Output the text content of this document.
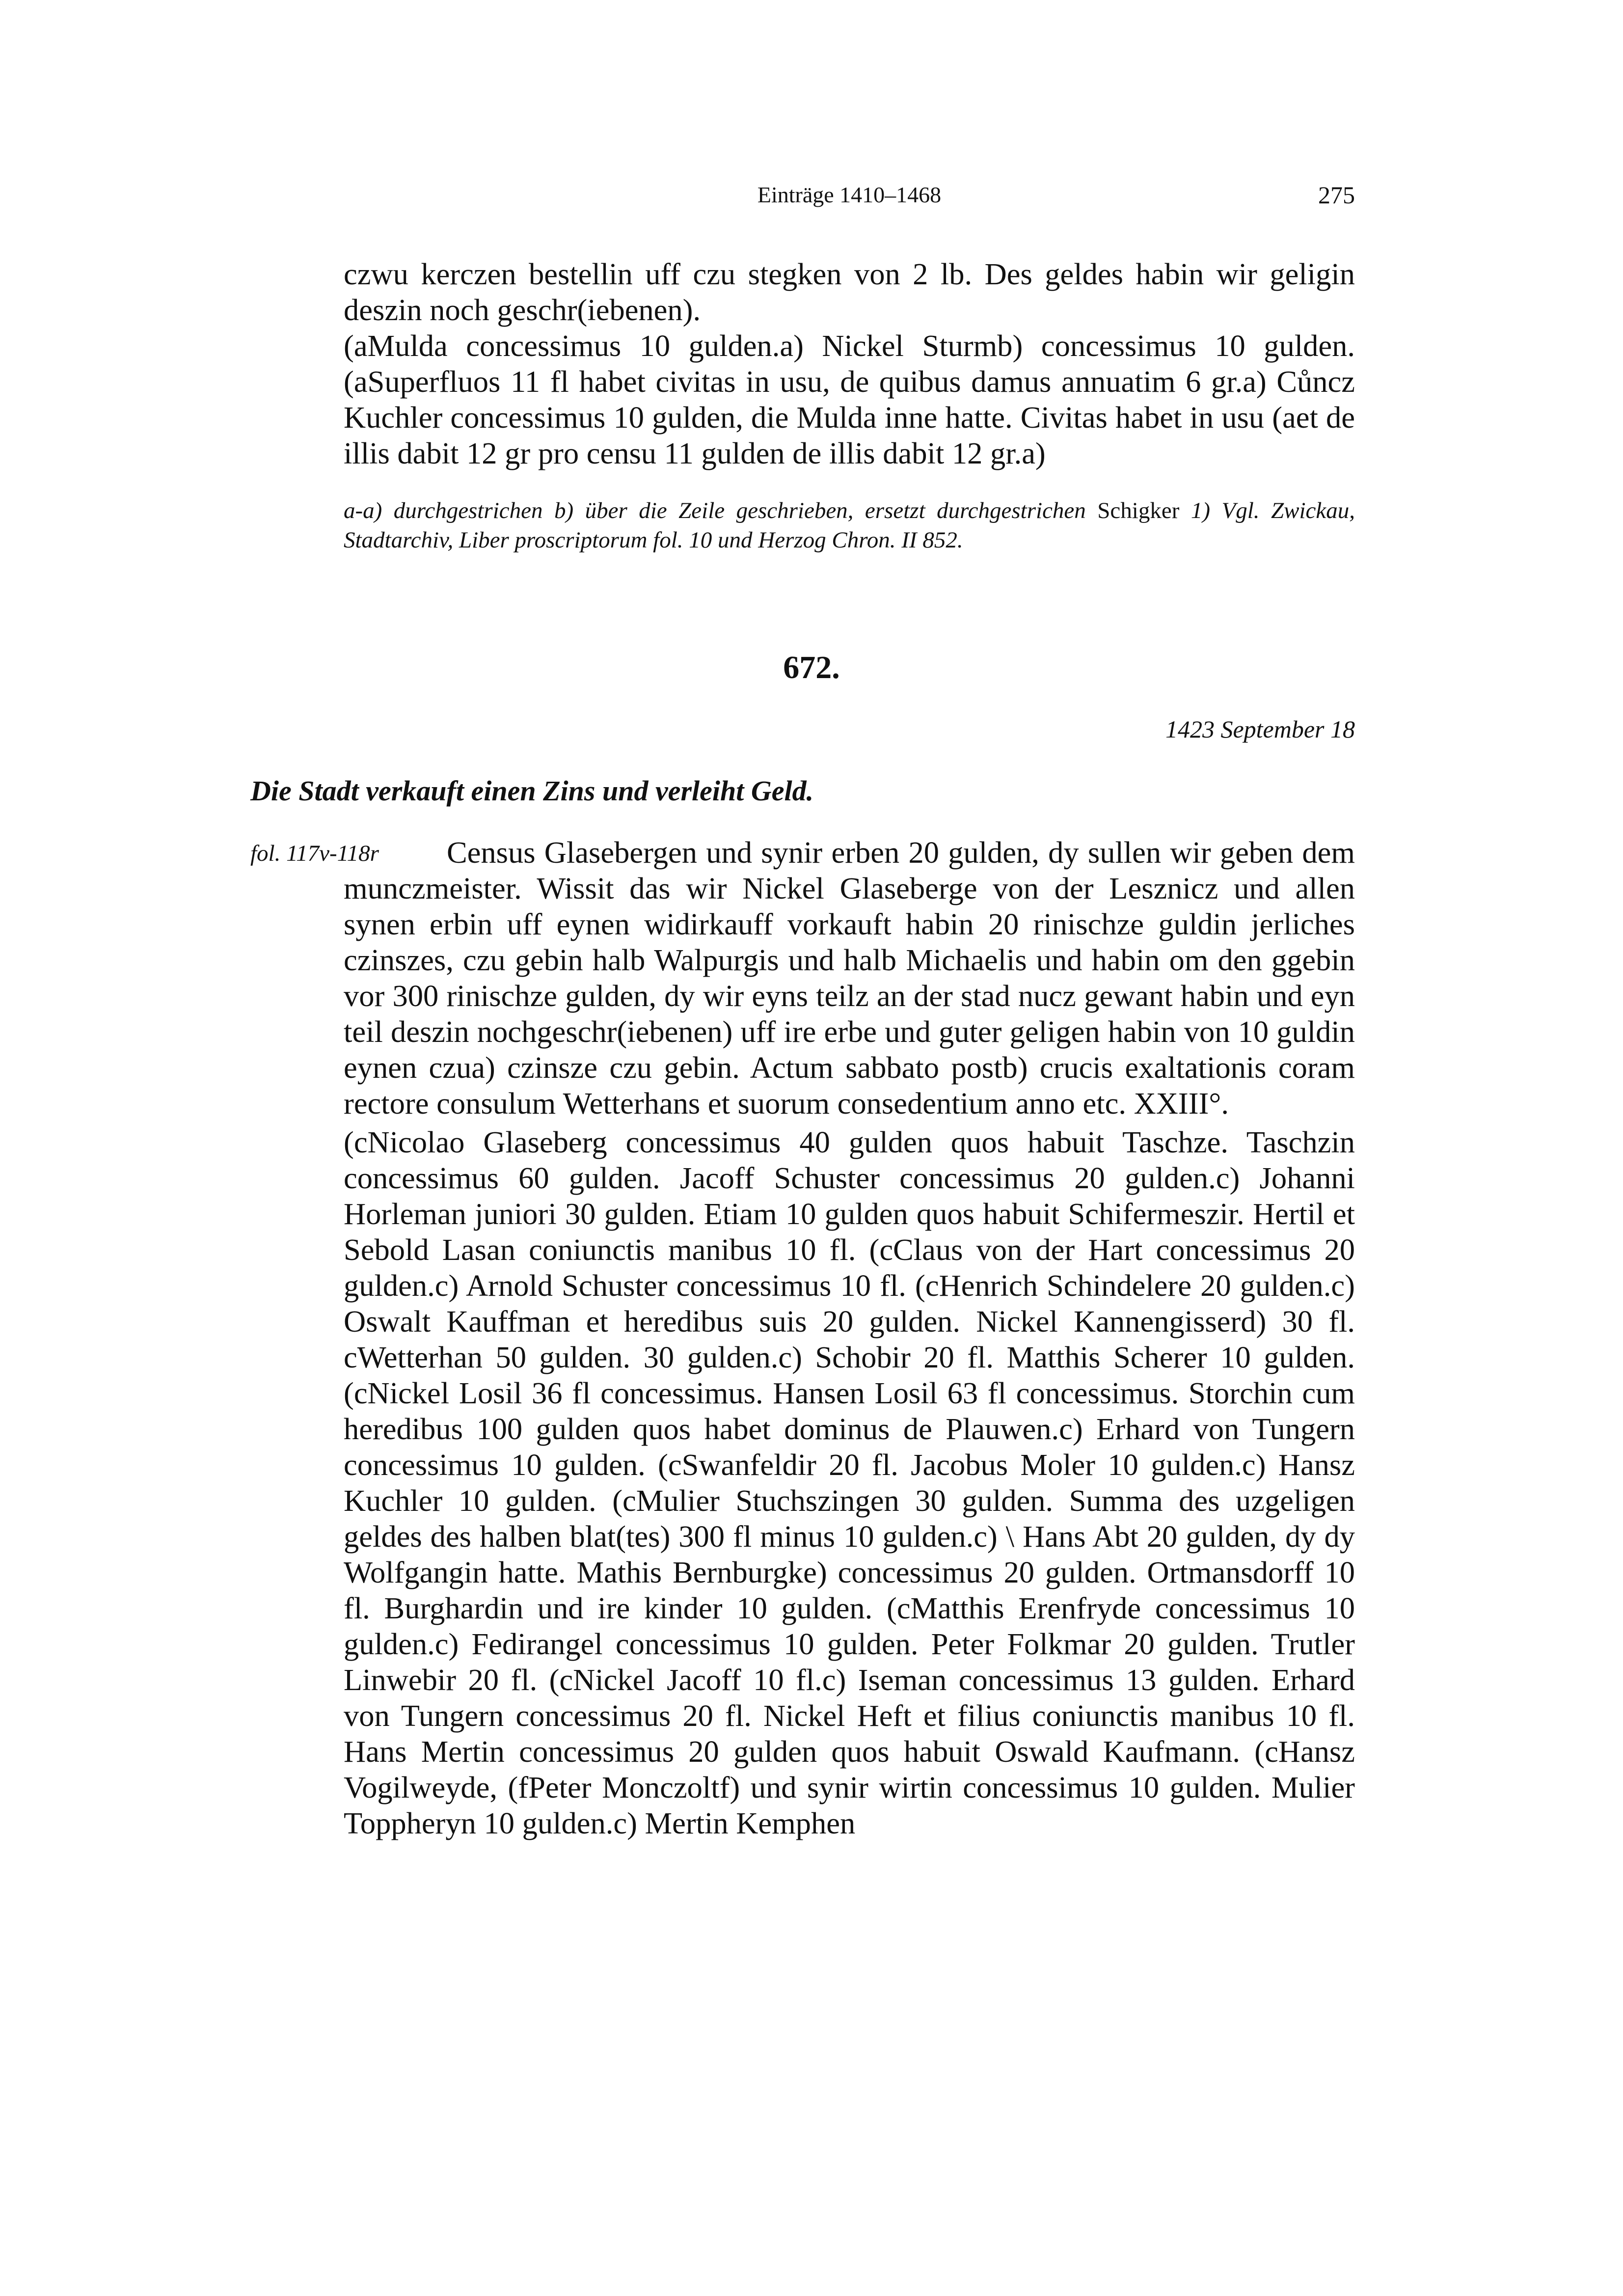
Einträge 1410–1468	275

czwu kerczen bestellin uff czu stegken von 2 lb. Des geldes habin wir geligin deszin noch geschr(iebenen).

(aMulda concessimus 10 gulden.a) Nickel Sturmb) concessimus 10 gulden. (aSuperfluos 11 fl habet civitas in usu, de quibus damus annuatim 6 gr.a) Cůncz Kuchler concessimus 10 gulden, die Mulda inne hatte. Civitas habet in usu (aet de illis dabit 12 gr pro censu 11 gulden de illis dabit 12 gr.a)

a-a) durchgestrichen b) über die Zeile geschrieben, ersetzt durchgestrichen Schigker 1) Vgl. Zwickau, Stadtarchiv, Liber proscriptorum fol. 10 und Herzog Chron. II 852.
672.
1423 September 18
Die Stadt verkauft einen Zins und verleiht Geld.
fol. 117v-118r	Census Glasebergen und synir erben 20 gulden, dy sullen wir geben dem munczmeister. Wissit das wir Nickel Glaseberge von der Lesznicz und allen synen erbin uff eynen widirkauff vorkauft habin 20 rinischze guldin jerliches czinszes, czu gebin halb Walpurgis und halb Michaelis und habin om den ggebin vor 300 rinischze gulden, dy wir eyns teilz an der stad nucz gewant habin und eyn teil deszin nochgeschr(iebenen) uff ire erbe und guter geligen habin von 10 guldin eynen czua) czinsze czu gebin. Actum sabbato postb) crucis exaltationis coram rectore consulum Wetterhans et suorum consedentium anno etc. XXIII°.

(cNicolao Glaseberg concessimus 40 gulden quos habuit Taschze. Taschzin concessimus 60 gulden. Jacoff Schuster concessimus 20 gulden.c) Johanni Horleman juniori 30 gulden. Etiam 10 gulden quos habuit Schifermeszir. Hertil et Sebold Lasan coniunctis manibus 10 fl. (cClaus von der Hart concessimus 20 gulden.c) Arnold Schuster concessimus 10 fl. (cHenrich Schindelere 20 gulden.c) Oswalt Kauffman et heredibus suis 20 gulden. Nickel Kannengisserd) 30 fl. cWetterhan 50 gulden. 30 gulden.c) Schobir 20 fl. Matthis Scherer 10 gulden. (cNickel Losil 36 fl concessimus. Hansen Losil 63 fl concessimus. Storchin cum heredibus 100 gulden quos habet dominus de Plauwen.c) Erhard von Tungern concessimus 10 gulden. (cSwanfeldir 20 fl. Jacobus Moler 10 gulden.c) Hansz Kuchler 10 gulden. (cMulier Stuchszingen 30 gulden. Summa des uzgeligen geldes des halben blat(tes) 300 fl minus 10 gulden.c) \ Hans Abt 20 gulden, dy dy Wolfgangin hatte. Mathis Bernburgke) concessimus 20 gulden. Ortmansdorff 10 fl. Burghardin und ire kinder 10 gulden. (cMatthis Erenfryde concessimus 10 gulden.c) Fedirangel concessimus 10 gulden. Peter Folkmar 20 gulden. Trutler Linwebir 20 fl. (cNickel Jacoff 10 fl.c) Iseman concessimus 13 gulden. Erhard von Tungern concessimus 20 fl. Nickel Heft et filius coniunctis manibus 10 fl. Hans Mertin concessimus 20 gulden quos habuit Oswald Kaufmann. (cHansz Vogilweyde, (fPeter Monczoltf) und synir wirtin concessimus 10 gulden. Mulier Toppheryn 10 gulden.c) Mertin Kemphen
